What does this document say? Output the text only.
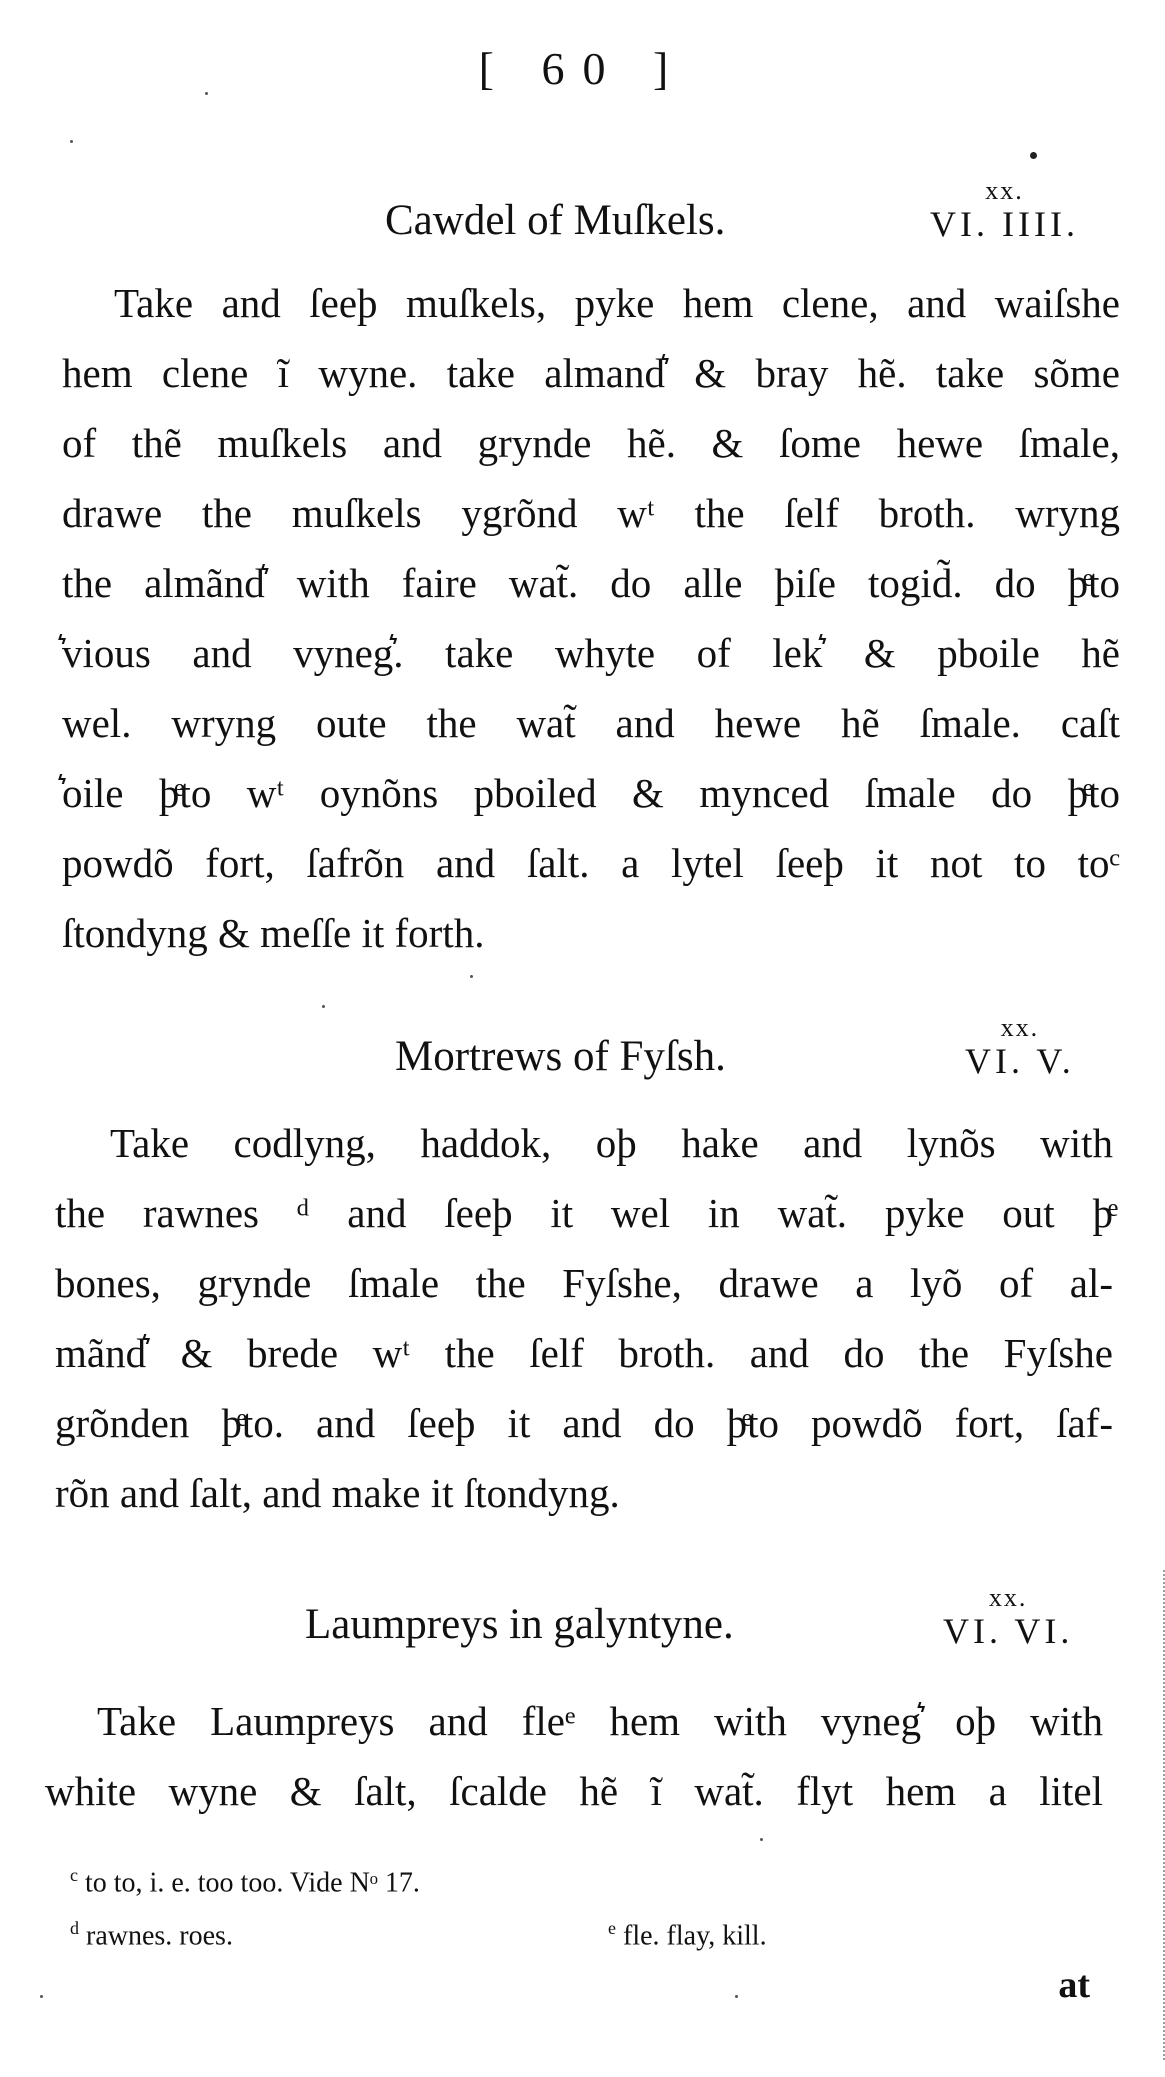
[ 60 ]
Cawdel of Muſkels.
xx.
VI. IIII.
Take and ſeeþ muſkels, pyke hem clene, and waiſshe
hem clene ĩ wyne. take almand͛ & bray hẽ. take sõme
of thẽ muſkels and grynde hẽ. & ſome hewe ſmale,
drawe the muſkels ygrõnd wᵗ the ſelf broth. wryng
the almãnd͛ with faire wat̃. do alle þiſe togid̃. do þͤto
͛vious and vyneg͛. take whyte of lek͛ & pboile hẽ
wel. wryng oute the wat̃ and hewe hẽ ſmale. caſt
͛oile þͤto wᵗ oynõns pboiled & mynced ſmale do þͤto
powdõ fort, ſafrõn and ſalt. a lytel ſeeþ it not to toᶜ
ſtondyng & meſſe it forth.
Mortrews of Fyſsh.
xx.
VI. V.
Take codlyng, haddok, oþ hake and lynõs with
the rawnes ᵈ and ſeeþ it wel in wat̃. pyke out þͤ
bones, grynde ſmale the Fyſshe, drawe a lyõ of al-
mãnd͛ & brede wᵗ the ſelf broth. and do the Fyſshe
grõnden þͤto. and ſeeþ it and do þͤto powdõ fort, ſaf-
rõn and ſalt, and make it ſtondyng.
Laumpreys in galyntyne.
xx.
VI. VI.
Take Laumpreys and fleᵉ hem with vyneg͛ oþ with
white wyne & ſalt, ſcalde hẽ ĩ wat̃. flyt hem a litel
$^c$ to to, i. e. too too. Vide Nᵒ 17.
$^d$ rawnes. roes.	$^e$ fle. flay, kill.
at
